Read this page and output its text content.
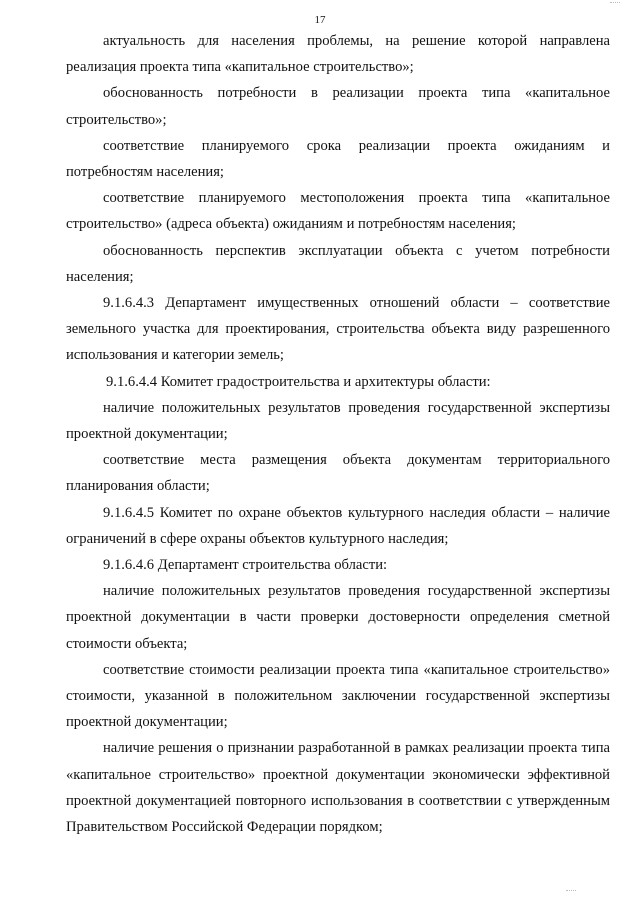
17

актуальность для населения проблемы, на решение которой направлена реализация проекта типа «капитальное строительство»;

обоснованность потребности в реализации проекта типа «капитальное строительство»;

соответствие планируемого срока реализации проекта ожиданиям и потребностям населения;

соответствие планируемого местоположения проекта типа «капитальное строительство» (адреса объекта) ожиданиям и потребностям населения;

обоснованность перспектив эксплуатации объекта с учетом потребности населения;

9.1.6.4.3 Департамент имущественных отношений области – соответствие земельного участка для проектирования, строительства объекта виду разрешенного использования и категории земель;

9.1.6.4.4 Комитет градостроительства и архитектуры области:

наличие положительных результатов проведения государственной экспертизы проектной документации;

соответствие места размещения объекта документам территориального планирования области;

9.1.6.4.5 Комитет по охране объектов культурного наследия области – наличие ограничений в сфере охраны объектов культурного наследия;

9.1.6.4.6 Департамент строительства области:

наличие положительных результатов проведения государственной экспертизы проектной документации в части проверки достоверности определения сметной стоимости объекта;

соответствие стоимости реализации проекта типа «капитальное строительство» стоимости, указанной в положительном заключении государственной экспертизы проектной документации;

наличие решения о признании разработанной в рамках реализации проекта типа «капитальное строительство» проектной документации экономически эффективной проектной документацией повторного использования в соответствии с утвержденным Правительством Российской Федерации порядком;
